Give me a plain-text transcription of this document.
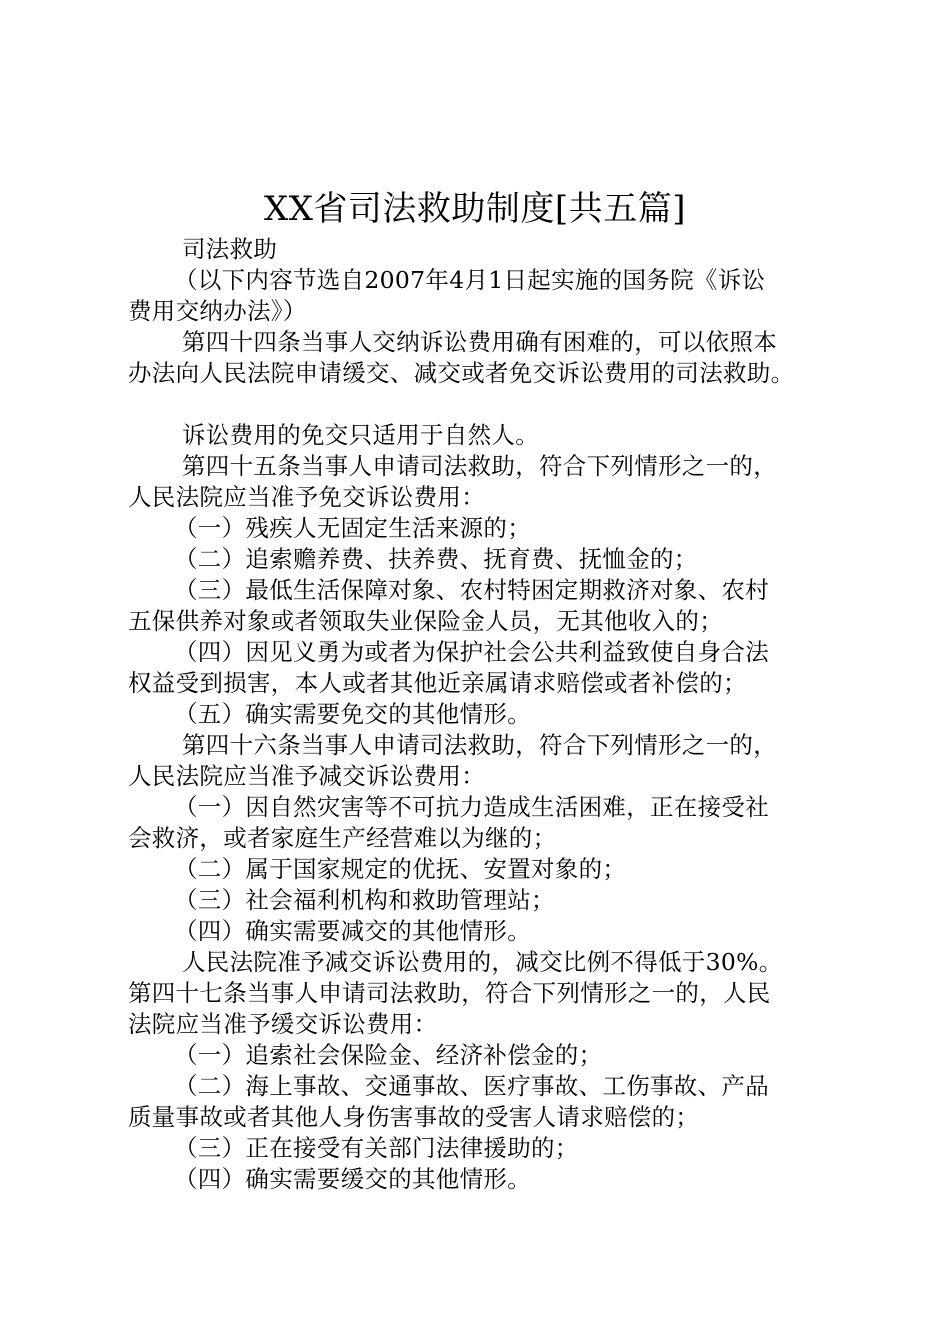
XX省司法救助制度[共五篇]
司法救助
（以下内容节选自2007年4月1日起实施的国务院《诉讼
费用交纳办法》）
第四十四条当事人交纳诉讼费用确有困难的，可以依照本
办法向人民法院申请缓交、减交或者免交诉讼费用的司法救助。
诉讼费用的免交只适用于自然人。
第四十五条当事人申请司法救助，符合下列情形之一的，
人民法院应当准予免交诉讼费用：
（一）残疾人无固定生活来源的；
（二）追索赡养费、扶养费、抚育费、抚恤金的；
（三）最低生活保障对象、农村特困定期救济对象、农村
五保供养对象或者领取失业保险金人员，无其他收入的；
（四）因见义勇为或者为保护社会公共利益致使自身合法
权益受到损害，本人或者其他近亲属请求赔偿或者补偿的；
（五）确实需要免交的其他情形。
第四十六条当事人申请司法救助，符合下列情形之一的，
人民法院应当准予减交诉讼费用：
（一）因自然灾害等不可抗力造成生活困难，正在接受社
会救济，或者家庭生产经营难以为继的；
（二）属于国家规定的优抚、安置对象的；
（三）社会福利机构和救助管理站；
（四）确实需要减交的其他情形。
人民法院准予减交诉讼费用的，减交比例不得低于30%。
第四十七条当事人申请司法救助，符合下列情形之一的，人民
法院应当准予缓交诉讼费用：
（一）追索社会保险金、经济补偿金的；
（二）海上事故、交通事故、医疗事故、工伤事故、产品
质量事故或者其他人身伤害事故的受害人请求赔偿的；
（三）正在接受有关部门法律援助的；
（四）确实需要缓交的其他情形。
